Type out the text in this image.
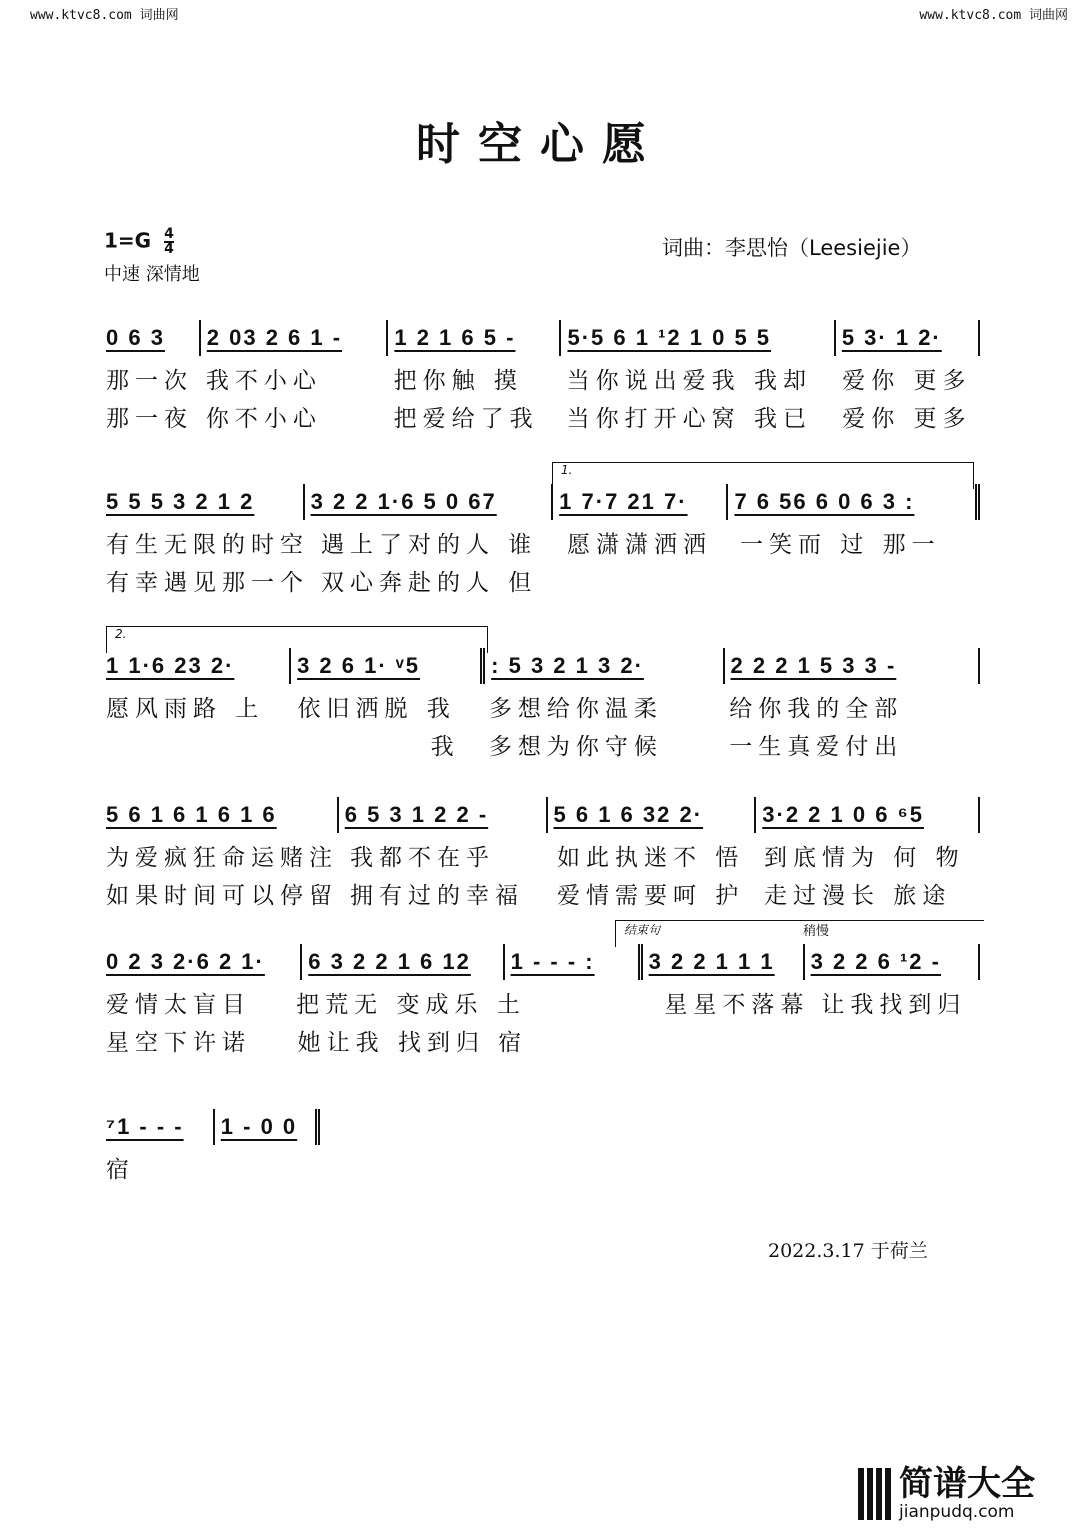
www.ktvc8.com 词曲网	www.ktvc8.com 词曲网
时空心愿
$1=G \frac{4}{4}$
中速 深情地
词曲：李思怡（Leesiejie）
0 6 3	2 03 2 6 1 -	1 2 1 6 5 -	5·5 6 1 ¹2 1 0 5 5	5 3· 1 2·
那一次 我不小心	把你触 摸	当你说出爱我 我却	爱你 更多
那一夜 你不小心	把爱给了我	当你打开心窝 我已	爱你 更多
5 5 5 3 2 1 2	3 2 2 1·6 5 0 67	1 7·7 21 7·	7 6 56 6 0 6 3 :
有生无限的时空 遇上了对的人 谁	愿潇潇洒洒	一笑而 过 那一
有幸遇见那一个 双心奔赴的人 但
1.
1 1·6 23 2·	3 2 6 1· ᵛ5	: 5 3 2 1 3 2·	2 2 2 1 5 3 3 -
愿风雨路 上	依旧洒脱 我	多想给你温柔	给你我的全部
我	多想为你守候	一生真爱付出
2.
5 6 1 6 1 6 1 6	6 5 3 1 2 2 -	5 6 1 6 32 2·	3·2 2 1 0 6 ⁶5
为爱疯狂命运赌注 我都不在乎	如此执迷不 悟 到底情为 何 物
如果时间可以停留 拥有过的幸福	爱情需要呵 护 走过漫长 旅途
0 2 3 2·6 2 1·	6 3 2 2 1 6 12	1 - - - :	3 2 2 1 1 1	3 2 2 6 ¹2 -
爱情太盲目	把荒无 变成乐 土	星星不落幕 让我找到归
星空下许诺	她让我 找到归 宿
结束句	稍慢
⁷1 - - -	1 - 0 0
宿
2022.3.17 于荷兰
简谱大全
jianpudq.com
